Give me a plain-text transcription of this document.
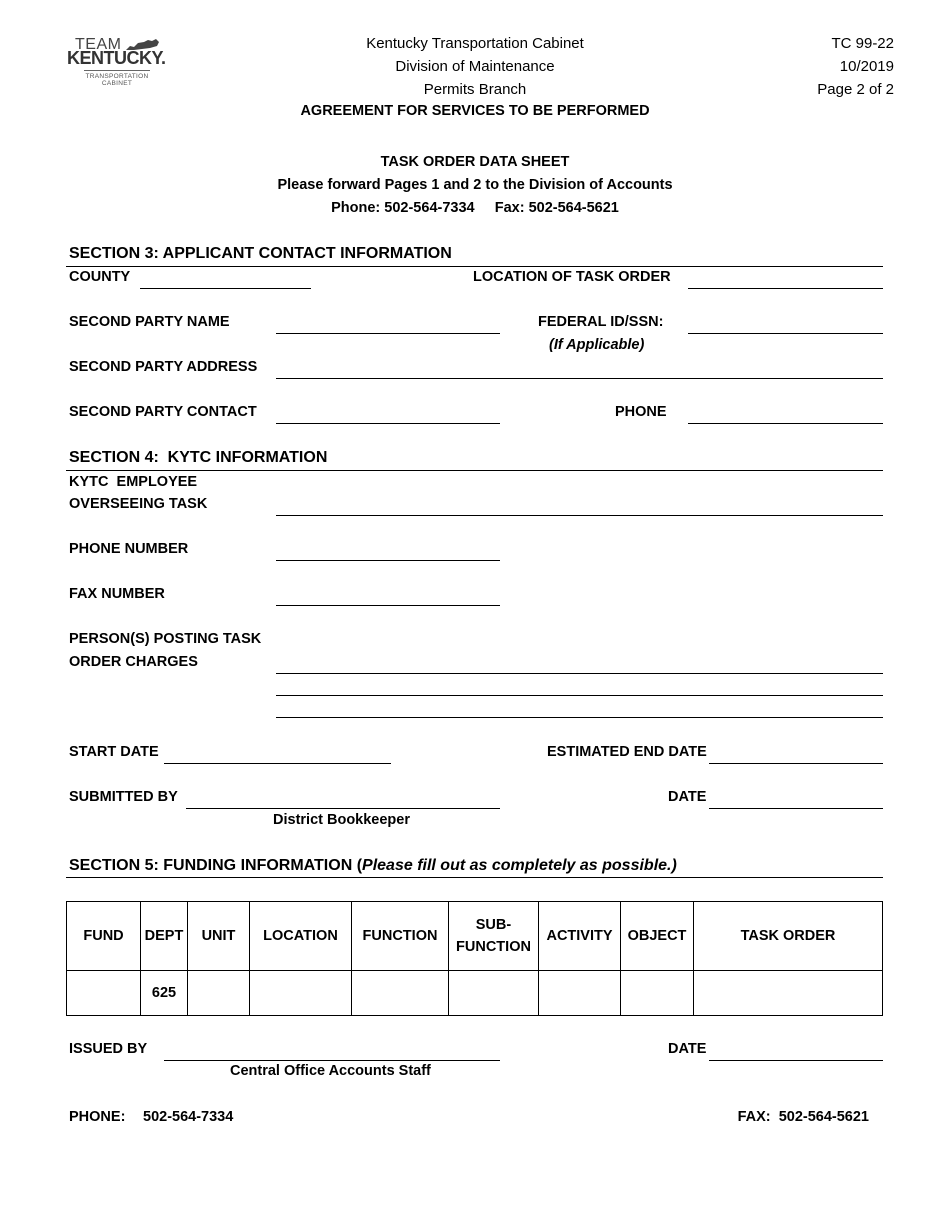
TEAM
KENTUCKY.
TRANSPORTATION
CABINET
Kentucky Transportation Cabinet
Division of Maintenance
Permits Branch
AGREEMENT FOR SERVICES TO BE PERFORMED
TC 99-22
10/2019
Page 2 of 2
TASK ORDER DATA SHEET
Please forward Pages 1 and 2 to the Division of Accounts
Phone: 502-564-7334     Fax: 502-564-5621
SECTION 3: APPLICANT CONTACT INFORMATION
COUNTY	LOCATION OF TASK ORDER
SECOND PARTY NAME	FEDERAL ID/SSN:
(If Applicable)
SECOND PARTY ADDRESS
SECOND PARTY CONTACT	PHONE
SECTION 4:  KYTC INFORMATION
KYTC  EMPLOYEE
OVERSEEING TASK
PHONE NUMBER
FAX NUMBER
PERSON(S) POSTING TASK
ORDER CHARGES
START DATE	ESTIMATED END DATE
SUBMITTED BY	DATE
District Bookkeeper
SECTION 5: FUNDING INFORMATION (Please fill out as completely as possible.)
FUND	DEPT	UNIT	LOCATION	FUNCTION	SUB-
FUNCTION	ACTIVITY	OBJECT	TASK ORDER
	625							
ISSUED BY	DATE
Central Office Accounts Staff
PHONE: 502-564-7334	FAX:  502-564-5621
